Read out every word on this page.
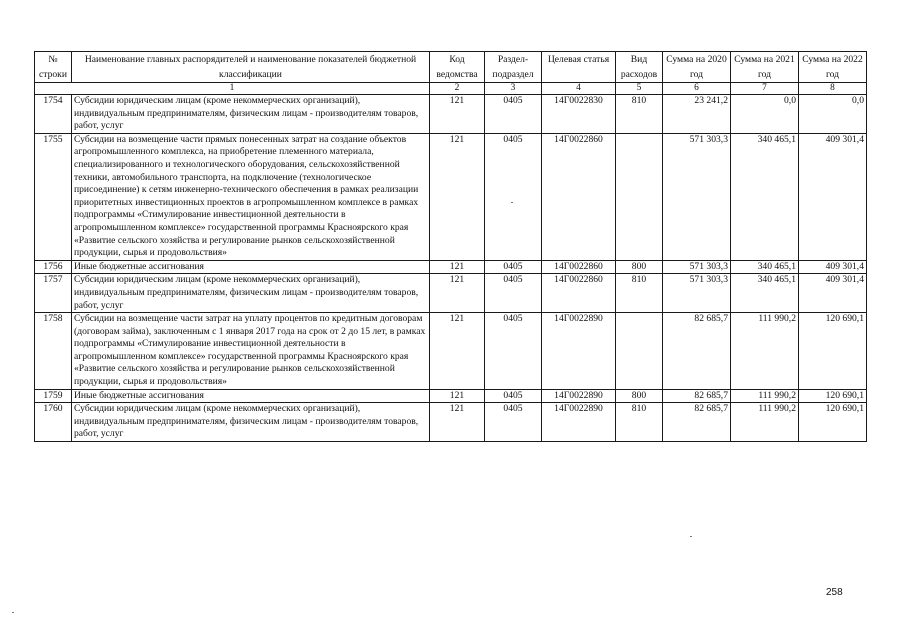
№ строки	Наименование главных распорядителей и наименование показателей бюджетной классификации	Код ведомства	Раздел-подраздел	Целевая статья	Вид расходов	Сумма на 2020 год	Сумма на 2021 год	Сумма на 2022 год
1		2	3	4	5	6	7	8
1754	Субсидии юридическим лицам (кроме некоммерческих организаций), индивидуальным предпринимателям, физическим лицам - производителям товаров, работ, услуг	121	0405	14Г0022830	810	23 241,2	0,0	0,0
1755	Субсидии на возмещение части прямых понесенных затрат на создание объектов агропромышленного комплекса, на приобретение племенного материала, специализированного и технологического оборудования, сельскохозяйственной техники, автомобильного транспорта, на подключение (технологическое присоединение) к сетям инженерно-технического обеспечения в рамках реализации приоритетных инвестиционных проектов в агропромышленном комплексе в рамках подпрограммы «Стимулирование инвестиционной деятельности в агропромышленном комплексе» государственной программы Красноярского края «Развитие сельского хозяйства и регулирование рынков сельскохозяйственной продукции, сырья и продовольствия»	121	0405	14Г0022860		571 303,3	340 465,1	409 301,4
1756	Иные бюджетные ассигнования	121	0405	14Г0022860	800	571 303,3	340 465,1	409 301,4
1757	Субсидии юридическим лицам (кроме некоммерческих организаций), индивидуальным предпринимателям, физическим лицам - производителям товаров, работ, услуг	121	0405	14Г0022860	810	571 303,3	340 465,1	409 301,4
1758	Субсидии на возмещение части затрат на уплату процентов по кредитным договорам (договорам займа), заключенным с 1 января 2017 года на срок от 2 до 15 лет, в рамках подпрограммы «Стимулирование инвестиционной деятельности в агропромышленном комплексе» государственной программы Красноярского края «Развитие сельского хозяйства и регулирование рынков сельскохозяйственной продукции, сырья и продовольствия»	121	0405	14Г0022890		82 685,7	111 990,2	120 690,1
1759	Иные бюджетные ассигнования	121	0405	14Г0022890	800	82 685,7	111 990,2	120 690,1
1760	Субсидии юридическим лицам (кроме некоммерческих организаций), индивидуальным предпринимателям, физическим лицам - производителям товаров, работ, услуг	121	0405	14Г0022890	810	82 685,7	111 990,2	120 690,1
258
